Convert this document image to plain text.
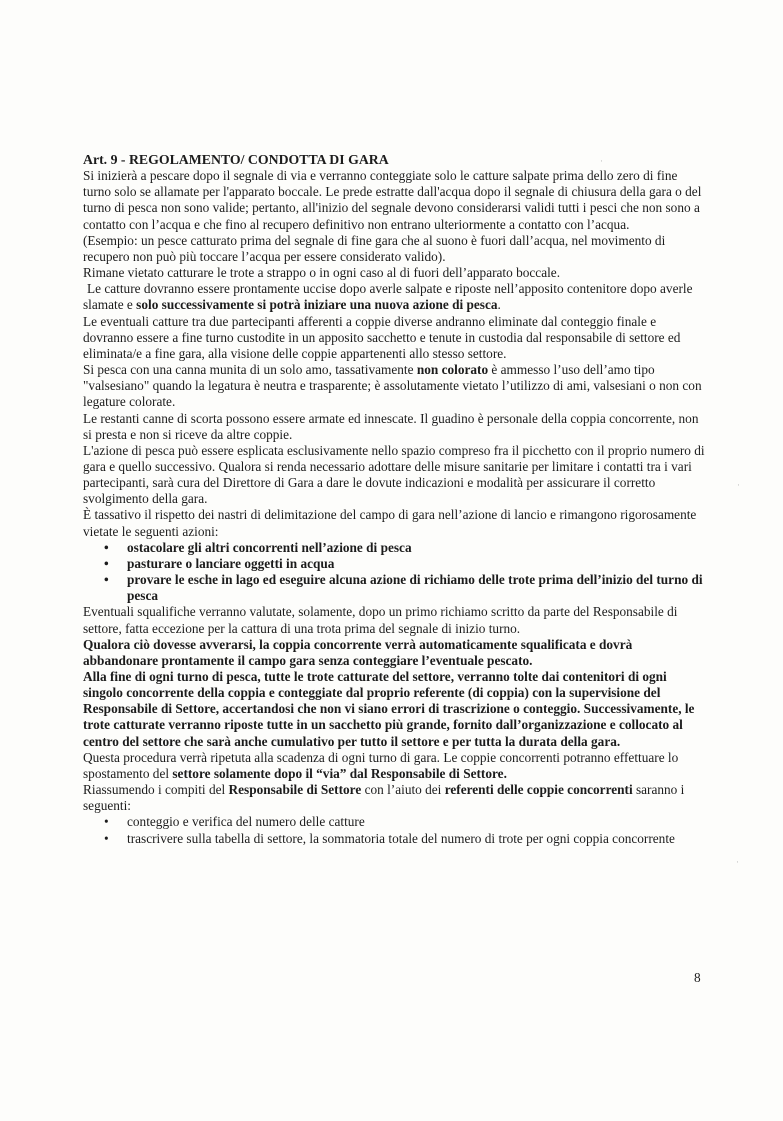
·
·
·

Art. 9 - REGOLAMENTO/ CONDOTTA DI GARA

Si inizierà a pescare dopo il segnale di via e verranno conteggiate solo le catture salpate prima dello zero di fine turno solo se allamate per l'apparato boccale. Le prede estratte dall'acqua dopo il segnale di chiusura della gara o del turno di pesca non sono valide; pertanto, all'inizio del segnale devono considerarsi validi tutti i pesci che non sono a contatto con l’acqua e che fino al recupero definitivo non entrano ulteriormente a contatto con l’acqua.

(Esempio: un pesce catturato prima del segnale di fine gara che al suono è fuori dall’acqua, nel movimento di recupero non può più toccare l’acqua per essere considerato valido).

Rimane vietato catturare le trote a strappo o in ogni caso al di fuori dell’apparato boccale.

Le catture dovranno essere prontamente uccise dopo averle salpate e riposte nell’apposito contenitore dopo averle slamate e solo successivamente si potrà iniziare una nuova azione di pesca.

Le eventuali catture tra due partecipanti afferenti a coppie diverse andranno eliminate dal conteggio finale e dovranno essere a fine turno custodite in un apposito sacchetto e tenute in custodia dal responsabile di settore ed eliminata/e a fine gara, alla visione delle coppie appartenenti allo stesso settore.

Si pesca con una canna munita di un solo amo, tassativamente non colorato è ammesso l’uso dell’amo tipo "valsesiano" quando la legatura è neutra e trasparente; è assolutamente vietato l’utilizzo di ami, valsesiani o non con legature colorate.

Le restanti canne di scorta possono essere armate ed innescate. Il guadino è personale della coppia concorrente, non si presta e non si riceve da altre coppie.

L'azione di pesca può essere esplicata esclusivamente nello spazio compreso fra il picchetto con il proprio numero di gara e quello successivo. Qualora si renda necessario adottare delle misure sanitarie per limitare i contatti tra i vari partecipanti, sarà cura del Direttore di Gara a dare le dovute indicazioni e modalità per assicurare il corretto svolgimento della gara.

È tassativo il rispetto dei nastri di delimitazione del campo di gara nell’azione di lancio e rimangono rigorosamente vietate le seguenti azioni:

• ostacolare gli altri concorrenti nell’azione di pesca
• pasturare o lanciare oggetti in acqua
• provare le esche in lago ed eseguire alcuna azione di richiamo delle trote prima dell’inizio del turno di pesca

Eventuali squalifiche verranno valutate, solamente, dopo un primo richiamo scritto da parte del Responsabile di settore, fatta eccezione per la cattura di una trota prima del segnale di inizio turno.

Qualora ciò dovesse avverarsi, la coppia concorrente verrà automaticamente squalificata e dovrà abbandonare prontamente il campo gara senza conteggiare l’eventuale pescato.

Alla fine di ogni turno di pesca, tutte le trote catturate del settore, verranno tolte dai contenitori di ogni singolo concorrente della coppia e conteggiate dal proprio referente (di coppia) con la supervisione del Responsabile di Settore, accertandosi che non vi siano errori di trascrizione o conteggio. Successivamente, le trote catturate verranno riposte tutte in un sacchetto più grande, fornito dall’organizzazione e collocato al centro del settore che sarà anche cumulativo per tutto il settore e per tutta la durata della gara.

Questa procedura verrà ripetuta alla scadenza di ogni turno di gara. Le coppie concorrenti potranno effettuare lo spostamento del settore solamente dopo il “via” dal Responsabile di Settore.

Riassumendo i compiti del Responsabile di Settore con l’aiuto dei referenti delle coppie concorrenti saranno i seguenti:

• conteggio e verifica del numero delle catture
• trascrivere sulla tabella di settore, la sommatoria totale del numero di trote per ogni coppia concorrente
8
